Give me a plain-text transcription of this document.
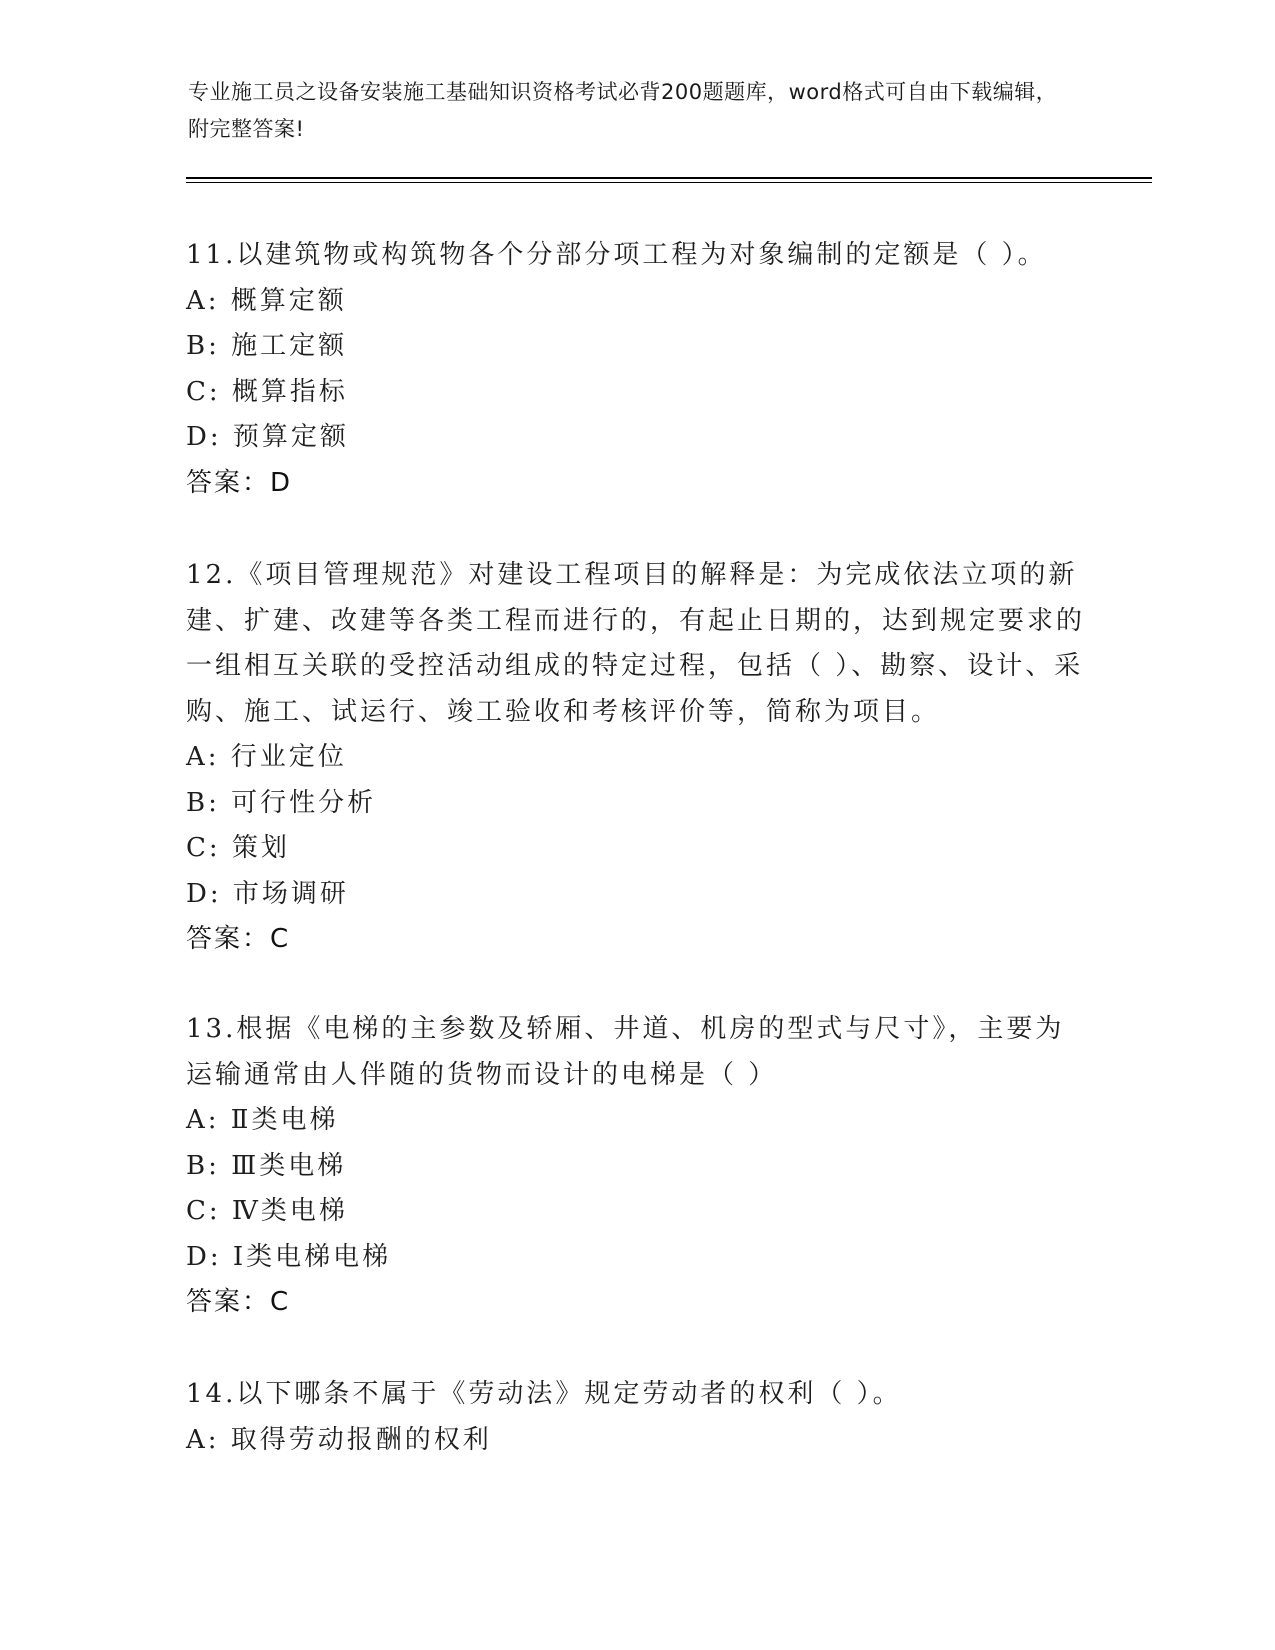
专业施工员之设备安装施工基础知识资格考试必背200题题库，word格式可自由下载编辑，附完整答案!
11.以建筑物或构筑物各个分部分项工程为对象编制的定额是（ ）。
A: 概算定额
B: 施工定额
C: 概算指标
D: 预算定额
答案：D
12.《项目管理规范》对建设工程项目的解释是：为完成依法立项的新建、扩建、改建等各类工程而进行的，有起止日期的，达到规定要求的一组相互关联的受控活动组成的特定过程，包括（ ）、勘察、设计、采购、施工、试运行、竣工验收和考核评价等，简称为项目。
A: 行业定位
B: 可行性分析
C: 策划
D: 市场调研
答案：C
13.根据《电梯的主参数及轿厢、井道、机房的型式与尺寸》，主要为运输通常由人伴随的货物而设计的电梯是（ ）
A: Ⅱ类电梯
B: Ⅲ类电梯
C: Ⅳ类电梯
D: Ⅰ类电梯电梯
答案：C
14.以下哪条不属于《劳动法》规定劳动者的权利（ ）。
A: 取得劳动报酬的权利
